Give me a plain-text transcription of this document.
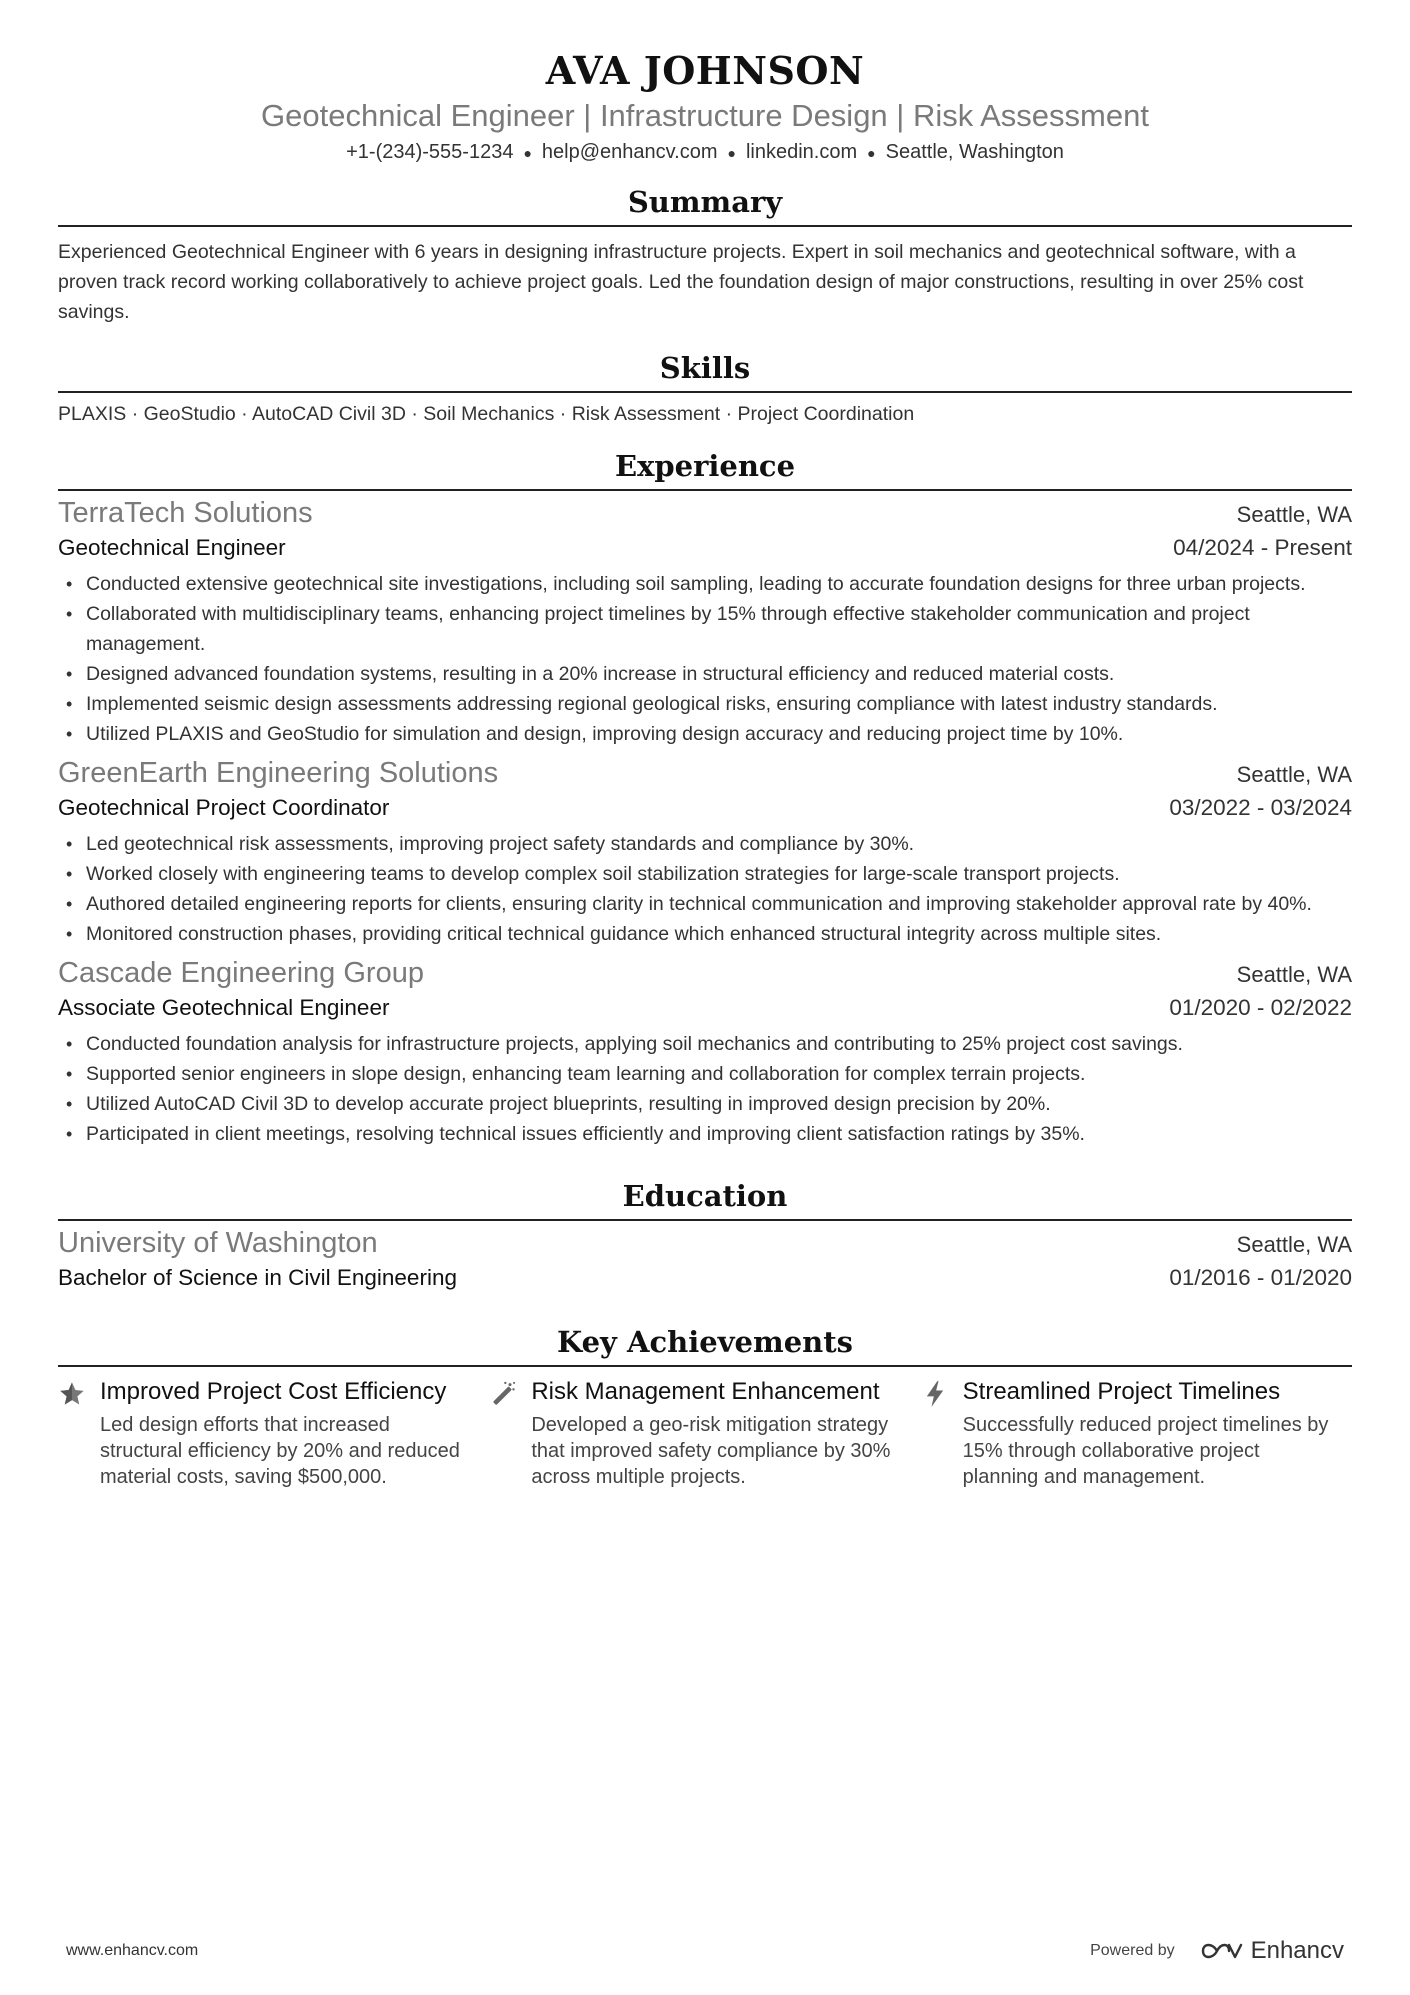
AVA JOHNSON
Geotechnical Engineer | Infrastructure Design | Risk Assessment
+1-(234)-555-1234 ● help@enhancv.com ● linkedin.com ● Seattle, Washington
Summary

Experienced Geotechnical Engineer with 6 years in designing infrastructure projects. Expert in soil mechanics and geotechnical software, with a proven track record working collaboratively to achieve project goals. Led the foundation design of major constructions, resulting in over 25% cost savings.

Skills

PLAXIS · GeoStudio · AutoCAD Civil 3D · Soil Mechanics · Risk Assessment · Project Coordination

Experience
TerraTech Solutions	Seattle, WA
Geotechnical Engineer	04/2024 - Present
• Conducted extensive geotechnical site investigations, including soil sampling, leading to accurate foundation designs for three urban projects.
• Collaborated with multidisciplinary teams, enhancing project timelines by 15% through effective stakeholder communication and project management.
• Designed advanced foundation systems, resulting in a 20% increase in structural efficiency and reduced material costs.
• Implemented seismic design assessments addressing regional geological risks, ensuring compliance with latest industry standards.
• Utilized PLAXIS and GeoStudio for simulation and design, improving design accuracy and reducing project time by 10%.
GreenEarth Engineering Solutions	Seattle, WA
Geotechnical Project Coordinator	03/2022 - 03/2024
• Led geotechnical risk assessments, improving project safety standards and compliance by 30%.
• Worked closely with engineering teams to develop complex soil stabilization strategies for large-scale transport projects.
• Authored detailed engineering reports for clients, ensuring clarity in technical communication and improving stakeholder approval rate by 40%.
• Monitored construction phases, providing critical technical guidance which enhanced structural integrity across multiple sites.
Cascade Engineering Group	Seattle, WA
Associate Geotechnical Engineer	01/2020 - 02/2022
• Conducted foundation analysis for infrastructure projects, applying soil mechanics and contributing to 25% project cost savings.
• Supported senior engineers in slope design, enhancing team learning and collaboration for complex terrain projects.
• Utilized AutoCAD Civil 3D to develop accurate project blueprints, resulting in improved design precision by 20%.
• Participated in client meetings, resolving technical issues efficiently and improving client satisfaction ratings by 35%.
Education
University of Washington	Seattle, WA
Bachelor of Science in Civil Engineering	01/2016 - 01/2020
Key Achievements
Improved Project Cost Efficiency
Led design efforts that increased structural efficiency by 20% and reduced material costs, saving $500,000.
Risk Management Enhancement
Developed a geo-risk mitigation strategy that improved safety compliance by 30% across multiple projects.
Streamlined Project Timelines
Successfully reduced project timelines by 15% through collaborative project planning and management.
www.enhancv.com	Powered by	Enhancv
